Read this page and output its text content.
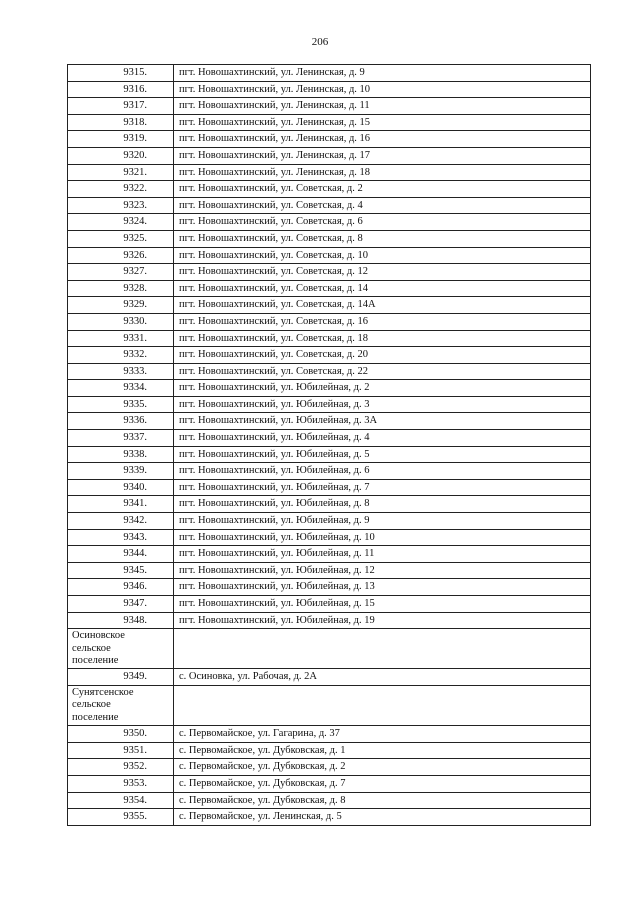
206
9315.	пгт. Новошахтинский, ул. Ленинская, д. 9
9316.	пгт. Новошахтинский, ул. Ленинская, д. 10
9317.	пгт. Новошахтинский, ул. Ленинская, д. 11
9318.	пгт. Новошахтинский, ул. Ленинская, д. 15
9319.	пгт. Новошахтинский, ул. Ленинская, д. 16
9320.	пгт. Новошахтинский, ул. Ленинская, д. 17
9321.	пгт. Новошахтинский, ул. Ленинская, д. 18
9322.	пгт. Новошахтинский, ул. Советская, д. 2
9323.	пгт. Новошахтинский, ул. Советская, д. 4
9324.	пгт. Новошахтинский, ул. Советская, д. 6
9325.	пгт. Новошахтинский, ул. Советская, д. 8
9326.	пгт. Новошахтинский, ул. Советская, д. 10
9327.	пгт. Новошахтинский, ул. Советская, д. 12
9328.	пгт. Новошахтинский, ул. Советская, д. 14
9329.	пгт. Новошахтинский, ул. Советская, д. 14А
9330.	пгт. Новошахтинский, ул. Советская, д. 16
9331.	пгт. Новошахтинский, ул. Советская, д. 18
9332.	пгт. Новошахтинский, ул. Советская, д. 20
9333.	пгт. Новошахтинский, ул. Советская, д. 22
9334.	пгт. Новошахтинский, ул. Юбилейная, д. 2
9335.	пгт. Новошахтинский, ул. Юбилейная, д. 3
9336.	пгт. Новошахтинский, ул. Юбилейная, д. 3А
9337.	пгт. Новошахтинский, ул. Юбилейная, д. 4
9338.	пгт. Новошахтинский, ул. Юбилейная, д. 5
9339.	пгт. Новошахтинский, ул. Юбилейная, д. 6
9340.	пгт. Новошахтинский, ул. Юбилейная, д. 7
9341.	пгт. Новошахтинский, ул. Юбилейная, д. 8
9342.	пгт. Новошахтинский, ул. Юбилейная, д. 9
9343.	пгт. Новошахтинский, ул. Юбилейная, д. 10
9344.	пгт. Новошахтинский, ул. Юбилейная, д. 11
9345.	пгт. Новошахтинский, ул. Юбилейная, д. 12
9346.	пгт. Новошахтинский, ул. Юбилейная, д. 13
9347.	пгт. Новошахтинский, ул. Юбилейная, д. 15
9348.	пгт. Новошахтинский, ул. Юбилейная, д. 19
Осиновское
сельское
поселение	
9349.	с. Осиновка, ул. Рабочая, д. 2А
Сунятсенское
сельское
поселение	
9350.	с. Первомайское, ул. Гагарина, д. 37
9351.	с. Первомайское, ул. Дубковская, д. 1
9352.	с. Первомайское, ул. Дубковская, д. 2
9353.	с. Первомайское, ул. Дубковская, д. 7
9354.	с. Первомайское, ул. Дубковская, д. 8
9355.	с. Первомайское, ул. Ленинская, д. 5
